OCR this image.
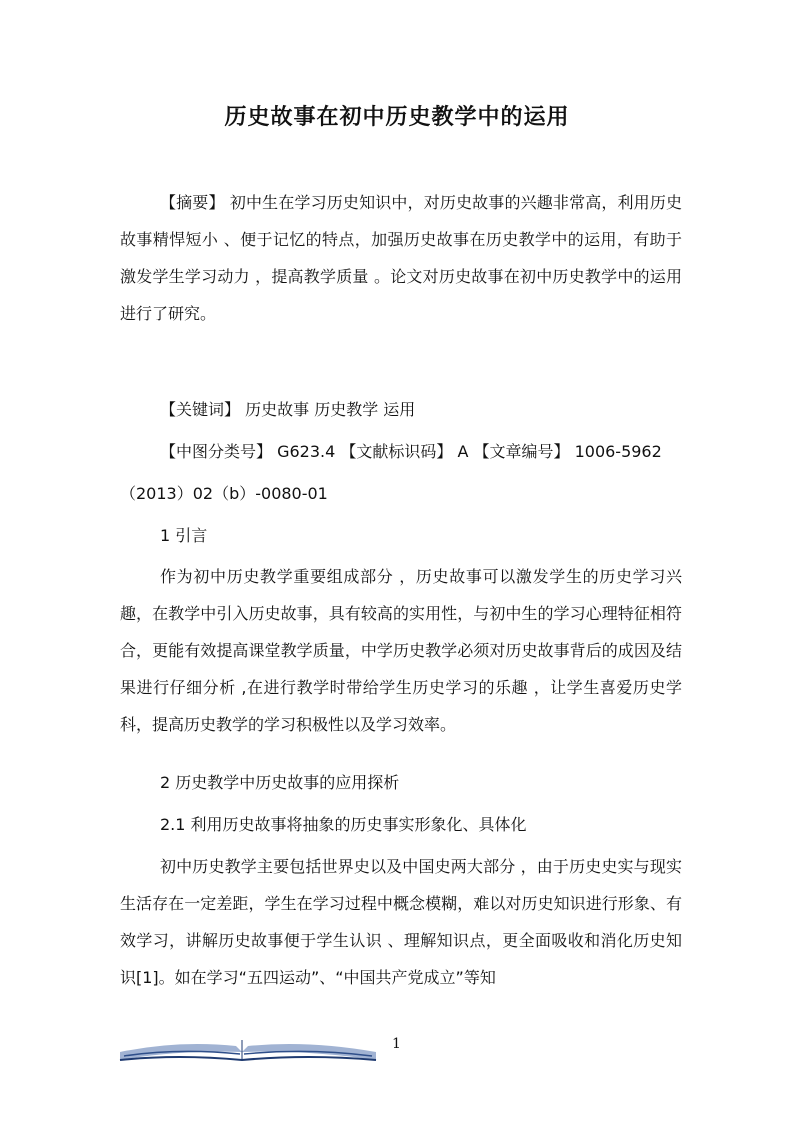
历史故事在初中历史教学中的运用

【摘要】 初中生在学习历史知识中，对历史故事的兴趣非常高，利用历史故事精悍短小 、便于记忆的特点，加强历史故事在历史教学中的运用，有助于激发学生学习动力 ，提高教学质量 。论文对历史故事在初中历史教学中的运用进行了研究。

【关键词】 历史故事 历史教学 运用

【中图分类号】 G623.4 【文献标识码】 A 【文章编号】 1006-5962

（2013）02（b）-0080-01

1 引言

作为初中历史教学重要组成部分 ，历史故事可以激发学生的历史学习兴趣，在教学中引入历史故事，具有较高的实用性，与初中生的学习心理特征相符合，更能有效提高课堂教学质量，中学历史教学必须对历史故事背后的成因及结果进行仔细分析 ,在进行教学时带给学生历史学习的乐趣 ，让学生喜爱历史学科，提高历史教学的学习积极性以及学习效率。

2 历史教学中历史故事的应用探析

2.1 利用历史故事将抽象的历史事实形象化、具体化

初中历史教学主要包括世界史以及中国史两大部分 ，由于历史史实与现实生活存在一定差距，学生在学习过程中概念模糊，难以对历史知识进行形象、有效学习，讲解历史故事便于学生认识 、理解知识点，更全面吸收和消化历史知识[1]。如在学习“五四运动”、“中国共产党成立”等知

1
